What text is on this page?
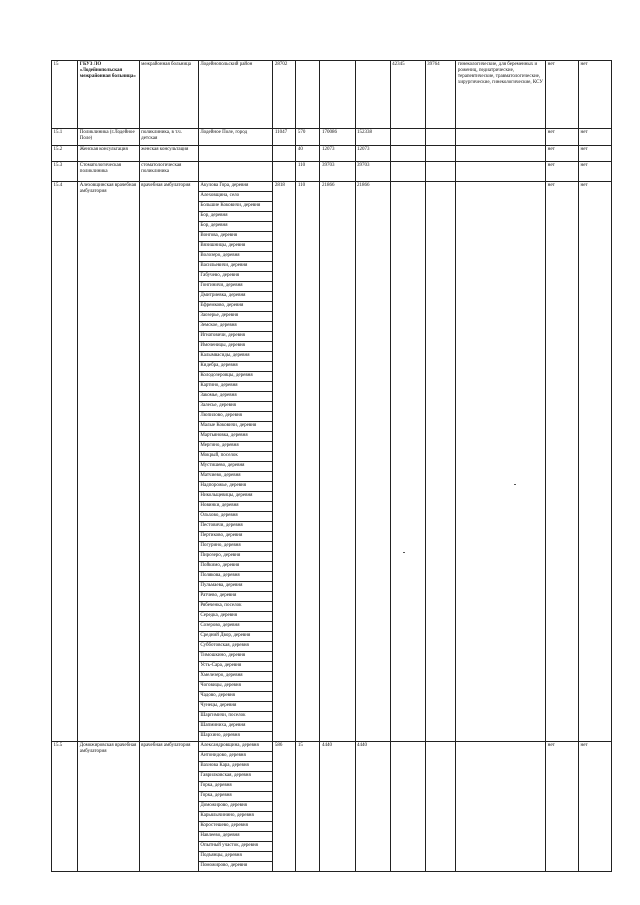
15	ГБУЗ ЛО «Лодейнопольская межрайонная больница»	межрайонная больница	Лодейнопольский район	28702				42345	39764	гинекологические, для беременных и рожениц, педиатрические, терапевтические, травматологические, хирургические, гинекологические, КСУ	нет	нет
15.1	Поликлиника (г.Лодейное Поле)	поликлиника, в т.ч. детская	Лодейное Поле, город	11047	570	170086	152338				нет	нет
15.2	Женская консультация	женская консультация			40	12073	12073				нет	нет
15.3	Стоматологическая поликлиника	стоматологическая поликлиника			110	39703	39703				нет	нет
15.4	Алеховщинская врачебная амбулатория	врачебная амбулатория	Акулова Гора, деревня	2818	110	21866	21866				нет	нет
			Алеховщина, село									
			Большие Коковичи, деревня									
			Бор, деревня									
			Бор, деревня									
			Вонгова, деревня									
			Вязишницы, деревня									
			Волозеро, деревня									
			Васильевичи, деревня									
			Габучево, деревня									
			Гонгиничи, деревня									
			Дмитриевка, деревня									
			Ефремково, деревня									
			Заозерье, деревня									
			Земское, деревня									
			Игнатовичи, деревня									
			Имоченицы, деревня									
			Калымвасиды, деревня									
			Кидебра, деревня									
			Колодозеровцы, деревня									
			Картино, деревня									
			Закомье, деревня									
			Залесье, деревня									
			Люпилово, деревня									
			Малые Коковичи, деревня									
			Мартьяновка, деревня									
			Мергино, деревня									
			Мокрый, поселок									
			Мустишево, деревня									
			Матчиево, деревня									
			Надпорожье, деревня									
			Никольщевицы, деревня									
			Новинки, деревня									
			Ольхово, деревня									
			Пестовичи, деревня									
			Пертиково, деревня									
			Погурино, деревня									
			Пирозеро, деревня									
			Пойкимо, деревня									
			Полякова, деревня									
			Пульмаева, деревня									
			Ратчево, деревня									
			Рябеченка, поселок									
			Середка, деревня									
			Созерово, деревня									
			Средний Двор, деревня									
			Субботовская, деревня									
			Тимошкино, деревня									
			Усть-Сара, деревня									
			Хмелезеро, деревня									
			Чоговицы, деревня									
			Чадово, деревня									
			Чунецы, деревня									
			Шаргимичи, поселок									
			Шапминиха, деревня									
			Шархино, деревня									
15.5	Доможировская врачебная амбулатория	врачебная амбулатория	Александровщина, деревня	586	15	4440	4440				нет	нет
			Антонидово, деревня									
			Вахнова Кара, деревня									
			Гаврилковская, деревня									
			Горка, деревня									
			Горка, деревня									
			Доможирово, деревня									
			Карьялычинино, деревня									
			Коростешево, деревня									
			Навлеево, деревня									
			Опытный участок, деревня									
			Подъянцы, деревня									
			Поможирово, деревня									
